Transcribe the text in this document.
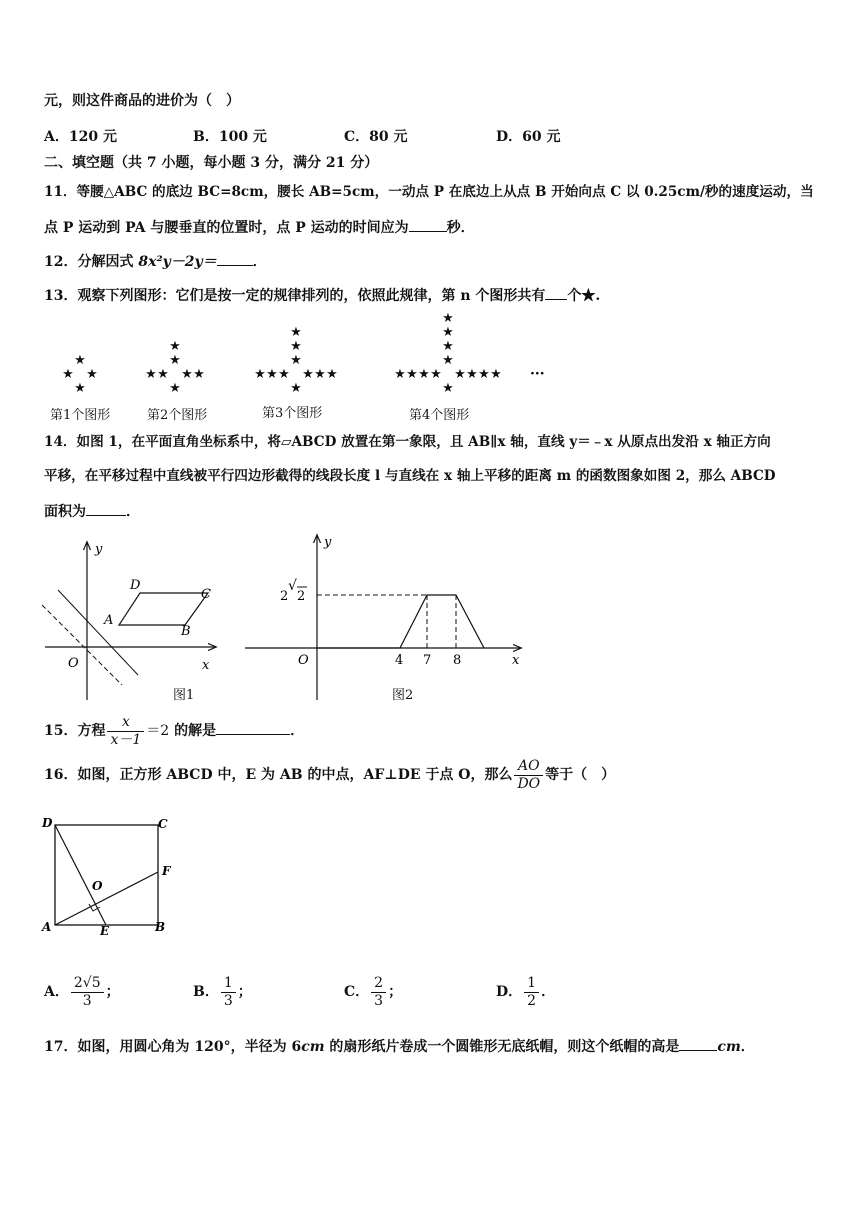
元，则这件商品的进价为（　）
A．120 元	B．100 元	C．80 元	D．60 元
二、填空题（共 7 小题，每小题 3 分，满分 21 分）
11．等腰△ABC 的底边 BC=8cm，腰长 AB=5cm，一动点 P 在底边上从点 B 开始向点 C 以 0.25cm/秒的速度运动，当
点 P 运动到 PA 与腰垂直的位置时，点 P 运动的时间应为	秒．
12．分解因式 8x²y－2y＝	．
13．观察下列图形：它们是按一定的规律排列的，依照此规律，第 n 个图形共有 个★.
★ ★
★
★
★ ★
★	★
★
★
★
★ ★
★	★
★	★
★
★
★
★
★ ★
★	★
★	★
★	★
★
★
★
★
★
···
第1个图形	第2个图形	第3个图形	第4个图形
14．如图 1，在平面直角坐标系中，将▱ABCD 放置在第一象限，且 AB∥x 轴，直线 y＝﹣x 从原点出发沿 x 轴正方向
平移，在平移过程中直线被平行四边形截得的线段长度 l 与直线在 x 轴上平移的距离 m 的函数图象如图 2，那么 ABCD
面积为	．
x
y
O
A
B
C
D
图1
2
√
2
4 7 8	x
y
O
图2
15．方程 $\frac{x}{x-1} =2$ 的解是	．
16．如图，正方形 ABCD 中，E 为 AB 的中点，AF⊥DE 于点 O，那么 $\frac{AO}{DO}$ 等于（　）
D	C
A	B
E
F
O
A． $\frac{2√5}{3}$ ；	B． $\frac{1}{3}$ ；	C． $\frac{2}{3}$ ；	D． $\frac{1}{2}$ ．
17．如图，用圆心角为 120°，半径为 6cm 的扇形纸片卷成一个圆锥形无底纸帽，则这个纸帽的高是	cm．
